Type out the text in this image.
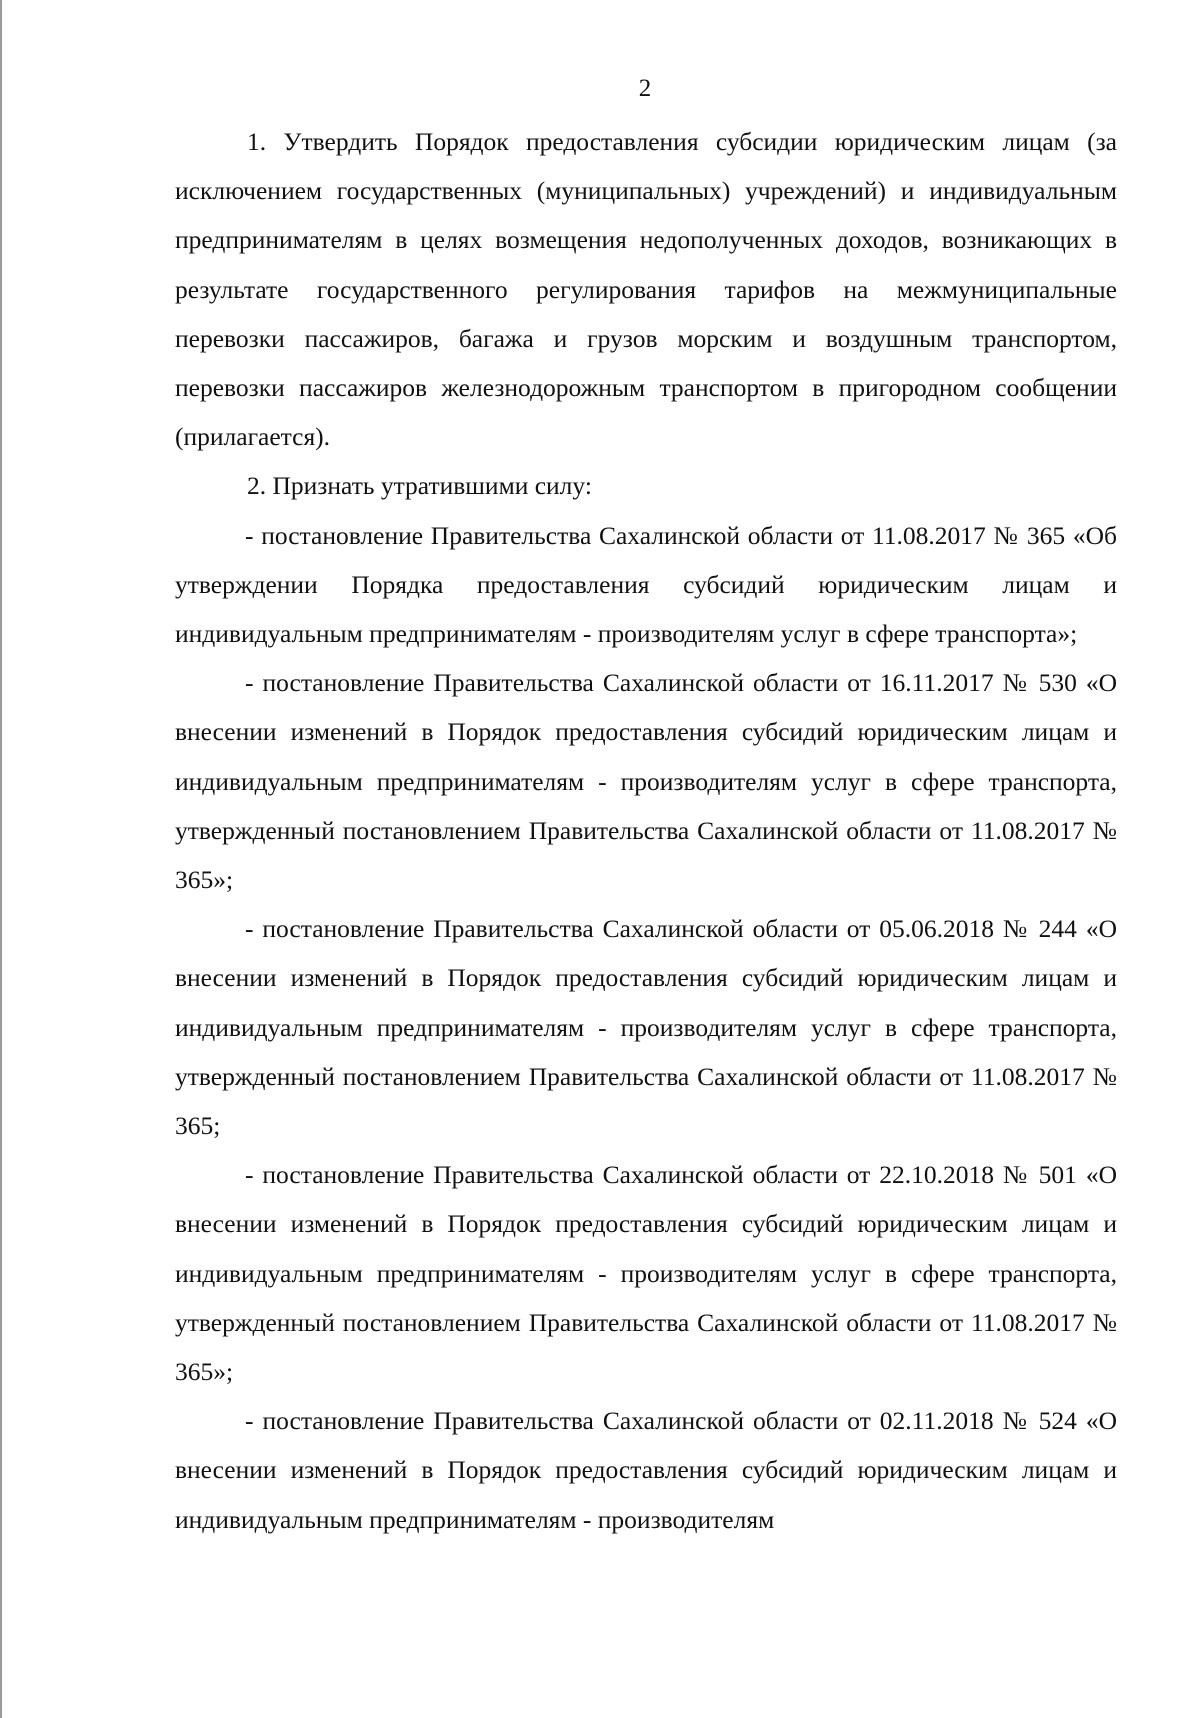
2

1. Утвердить Порядок предоставления субсидии юридическим лицам (за исключением государственных (муниципальных) учреждений) и индивидуальным предпринимателям в целях возмещения недополученных доходов, возникающих в результате государственного регулирования тарифов на межмуниципальные перевозки пассажиров, багажа и грузов морским и воздушным транспортом, перевозки пассажиров железнодорожным транспортом в пригородном сообщении (прилагается).

2. Признать утратившими силу:

- постановление Правительства Сахалинской области от 11.08.2017 № 365 «Об утверждении Порядка предоставления субсидий юридическим лицам и индивидуальным предпринимателям - производителям услуг в сфере транспорта»;
- постановление Правительства Сахалинской области от 16.11.2017 № 530 «О внесении изменений в Порядок предоставления субсидий юридическим лицам и индивидуальным предпринимателям - производителям услуг в сфере транспорта, утвержденный постановлением Правительства Сахалинской области от 11.08.2017 № 365»;
- постановление Правительства Сахалинской области от 05.06.2018 № 244 «О внесении изменений в Порядок предоставления субсидий юридическим лицам и индивидуальным предпринимателям - производителям услуг в сфере транспорта, утвержденный постановлением Правительства Сахалинской области от 11.08.2017 № 365;
- постановление Правительства Сахалинской области от 22.10.2018 № 501 «О внесении изменений в Порядок предоставления субсидий юридическим лицам и индивидуальным предпринимателям - производителям услуг в сфере транспорта, утвержденный постановлением Правительства Сахалинской области от 11.08.2017 № 365»;
- постановление Правительства Сахалинской области от 02.11.2018 № 524 «О внесении изменений в Порядок предоставления субсидий юридическим лицам и индивидуальным предпринимателям - производителям
